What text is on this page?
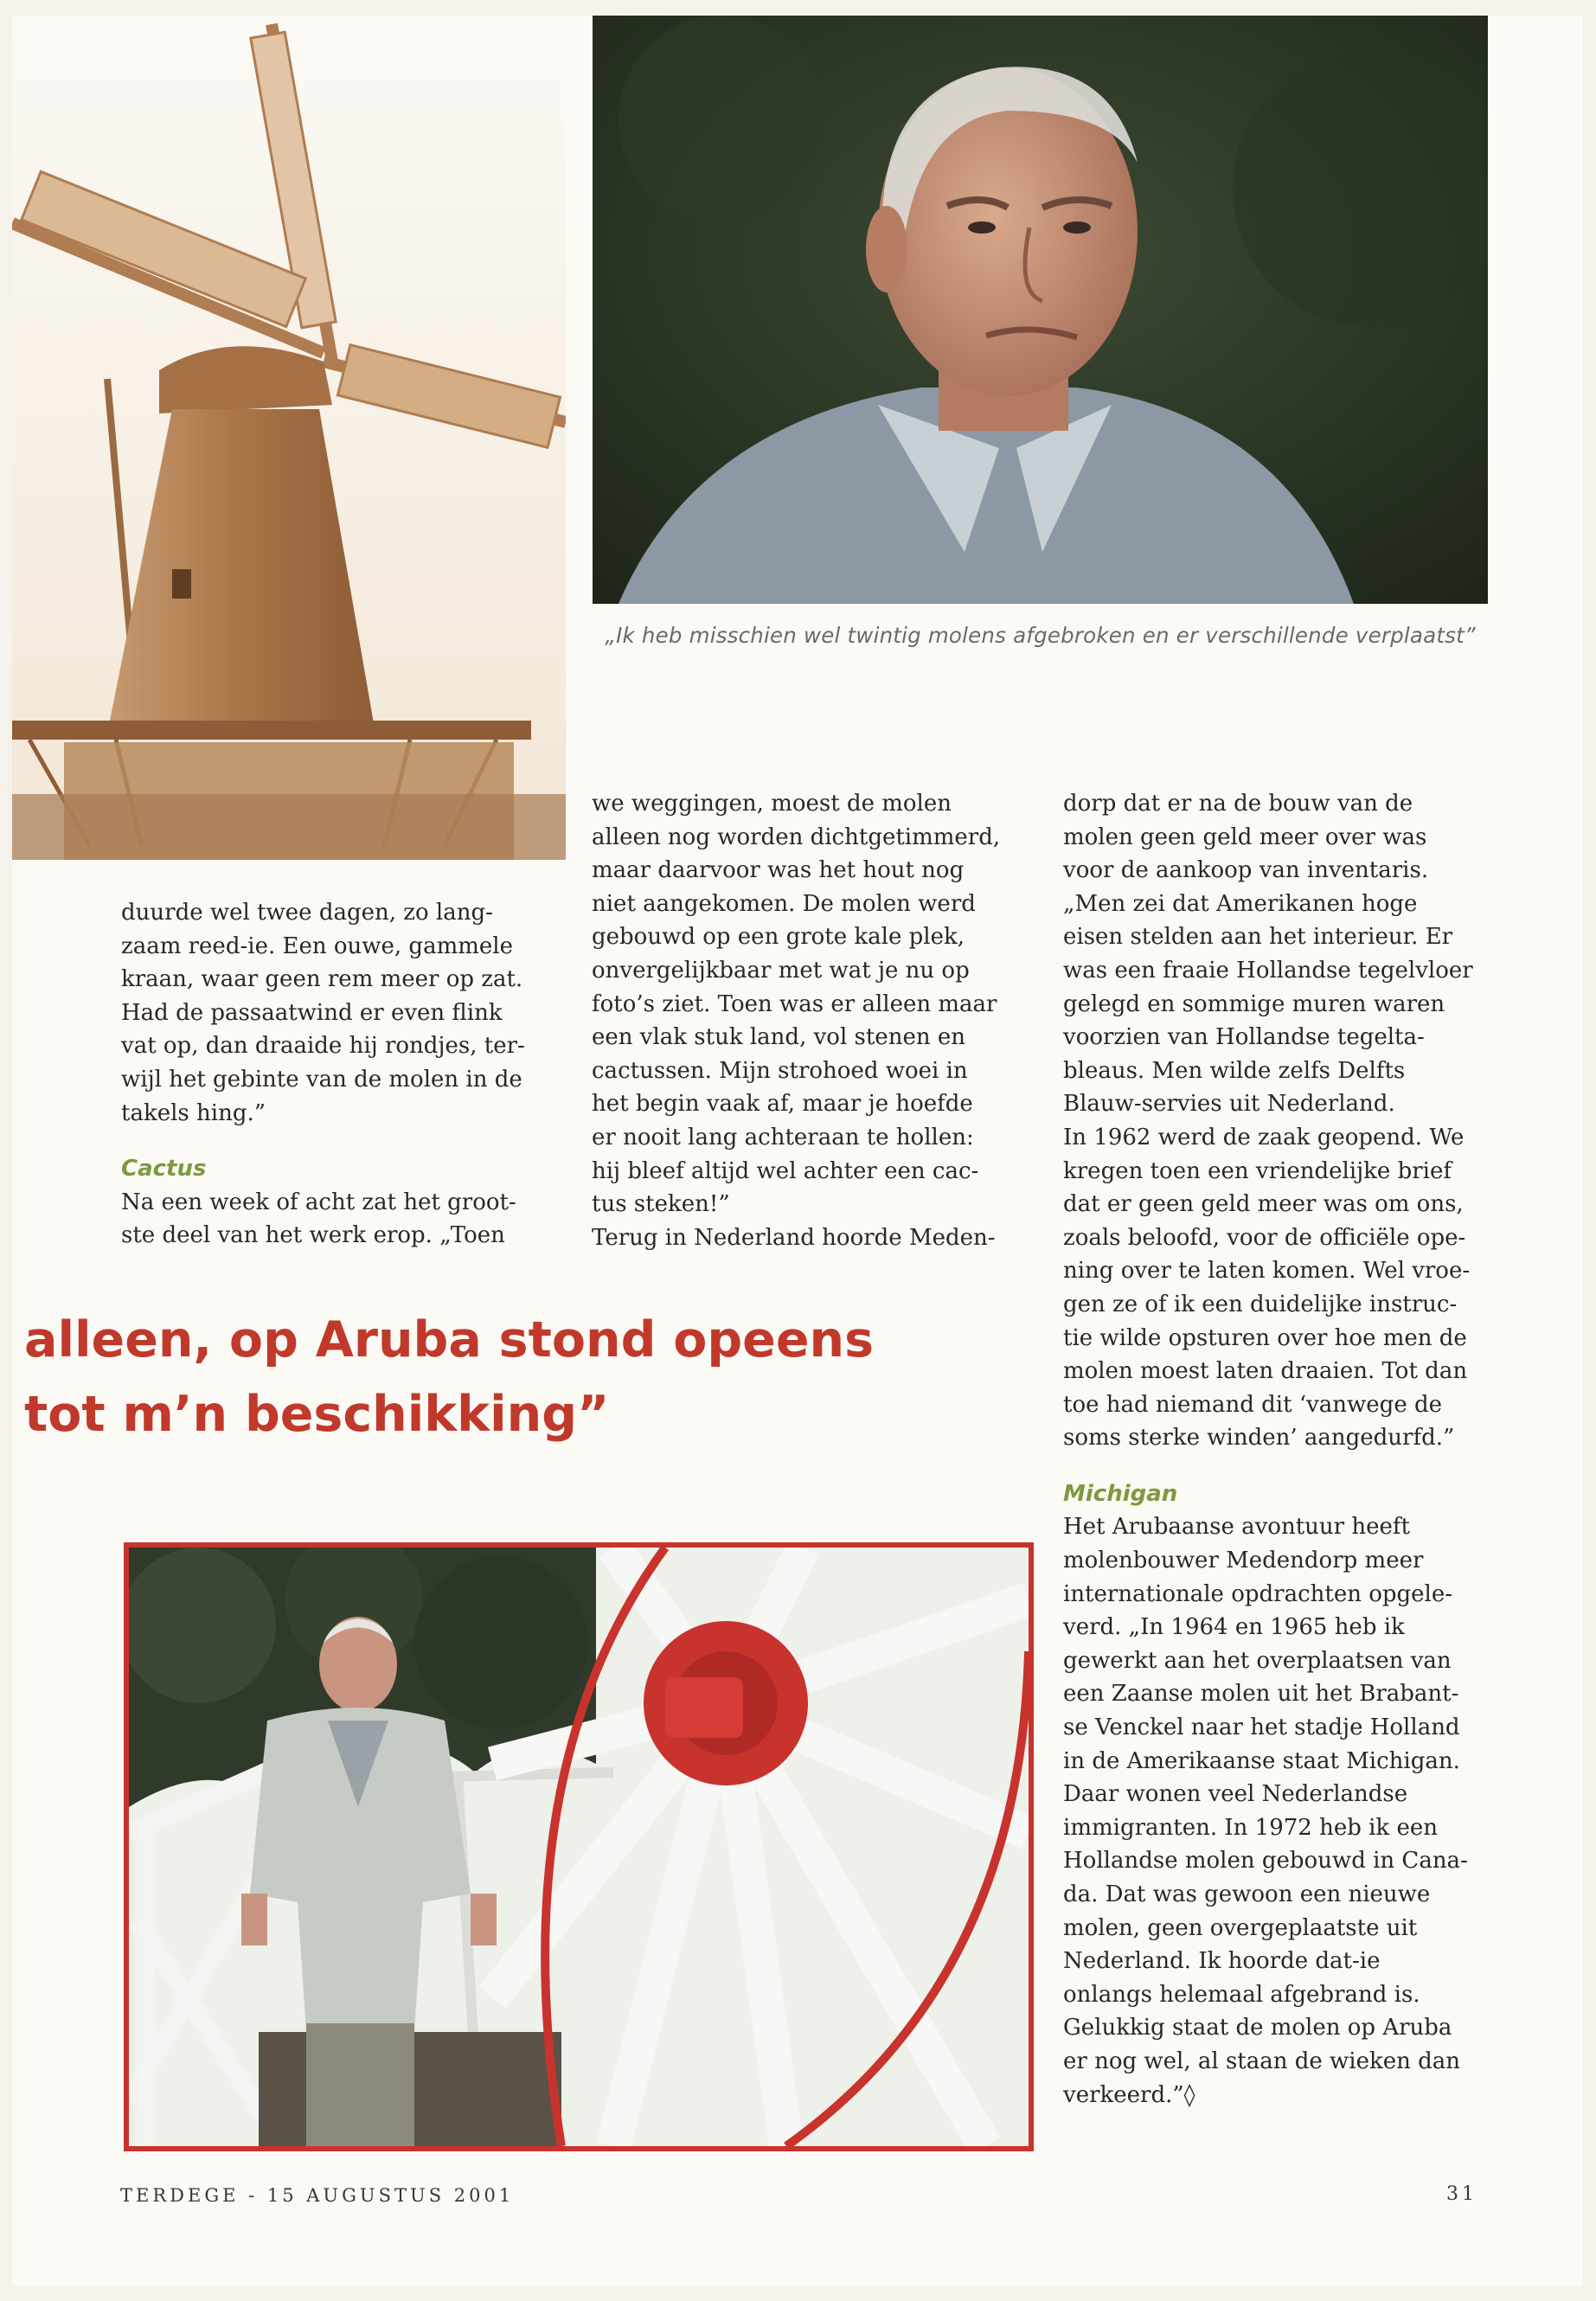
„Ik heb misschien wel twintig molens afgebroken en er verschillende verplaatst”

duurde wel twee dagen, zo lang-
zaam reed-ie. Een ouwe, gammele
kraan, waar geen rem meer op zat.
Had de passaatwind er even flink
vat op, dan draaide hij rondjes, ter-
wijl het gebinte van de molen in de
takels hing.”

Cactus

Na een week of acht zat het groot-
ste deel van het werk erop. „Toen

we weggingen, moest de molen
alleen nog worden dichtgetimmerd,
maar daarvoor was het hout nog
niet aangekomen. De molen werd
gebouwd op een grote kale plek,
onvergelijkbaar met wat je nu op
foto’s ziet. Toen was er alleen maar
een vlak stuk land, vol stenen en
cactussen. Mijn strohoed woei in
het begin vaak af, maar je hoefde
er nooit lang achteraan te hollen:
hij bleef altijd wel achter een cac-
tus steken!”
Terug in Nederland hoorde Meden-

dorp dat er na de bouw van de
molen geen geld meer over was
voor de aankoop van inventaris.
„Men zei dat Amerikanen hoge
eisen stelden aan het interieur. Er
was een fraaie Hollandse tegelvloer
gelegd en sommige muren waren
voorzien van Hollandse tegelta-
bleaus. Men wilde zelfs Delfts
Blauw-servies uit Nederland.
In 1962 werd de zaak geopend. We
kregen toen een vriendelijke brief
dat er geen geld meer was om ons,
zoals beloofd, voor de officiële ope-
ning over te laten komen. Wel vroe-
gen ze of ik een duidelijke instruc-
tie wilde opsturen over hoe men de
molen moest laten draaien. Tot dan
toe had niemand dit ‘vanwege de
soms sterke winden’ aangedurfd.”

Michigan

Het Arubaanse avontuur heeft
molenbouwer Medendorp meer
internationale opdrachten opgele-
verd. „In 1964 en 1965 heb ik
gewerkt aan het overplaatsen van
een Zaanse molen uit het Brabant-
se Venckel naar het stadje Holland
in de Amerikaanse staat Michigan.
Daar wonen veel Nederlandse
immigranten. In 1972 heb ik een
Hollandse molen gebouwd in Cana-
da. Dat was gewoon een nieuwe
molen, geen overgeplaatste uit
Nederland. Ik hoorde dat-ie
onlangs helemaal afgebrand is.
Gelukkig staat de molen op Aruba
er nog wel, al staan de wieken dan
verkeerd.”◊

alleen, op Aruba stond opeens
tot m’n beschikking”
TERDEGE - 15 AUGUSTUS 2001	31
